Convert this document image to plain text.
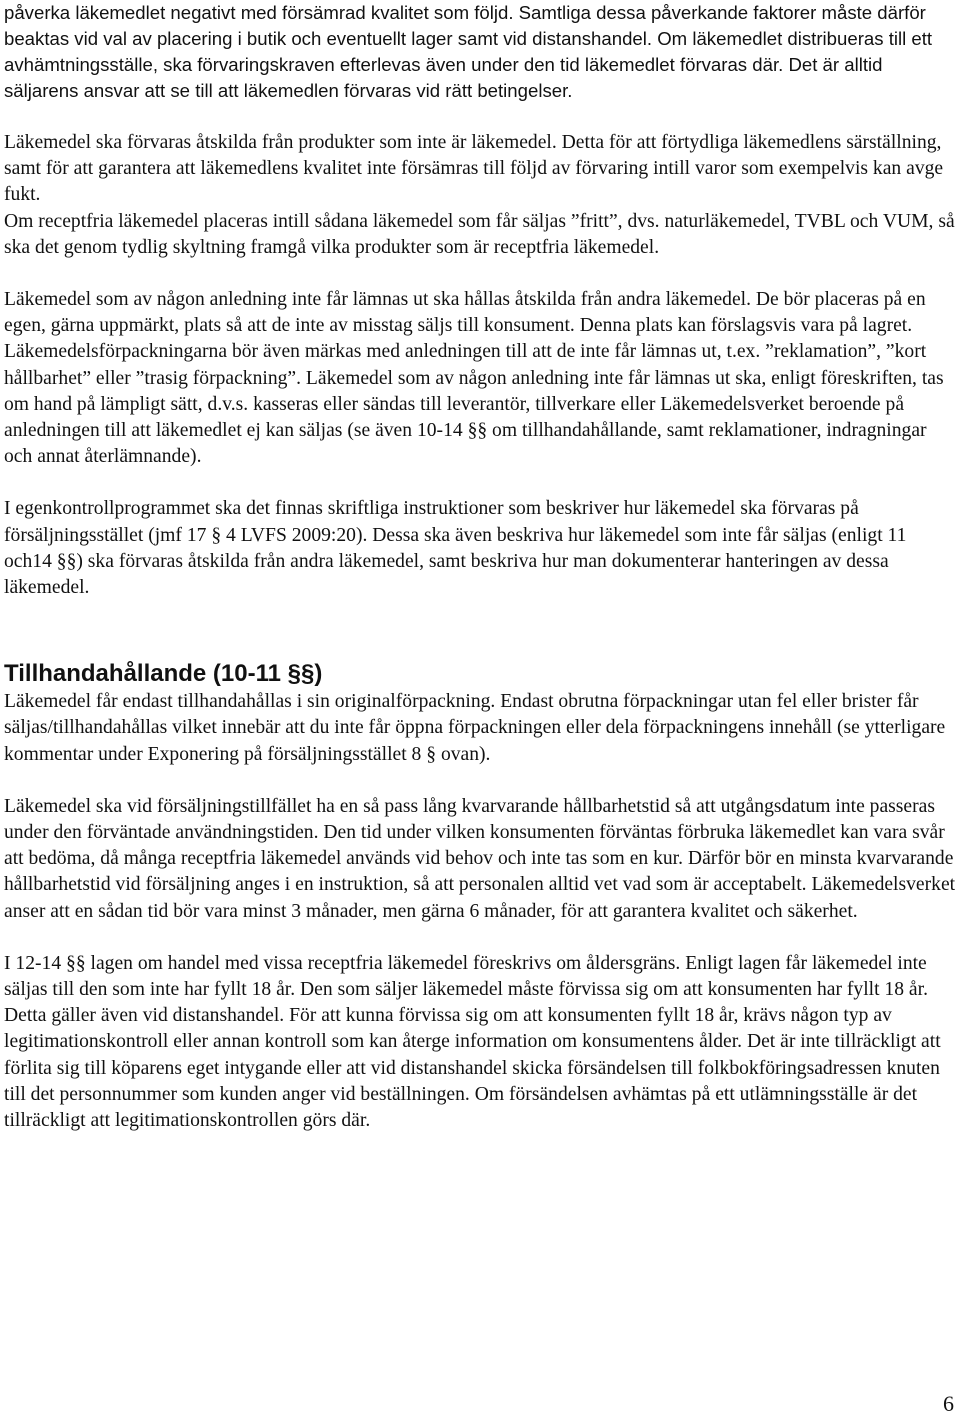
påverka läkemedlet negativt med försämrad kvalitet som följd. Samtliga dessa påverkande faktorer måste därför beaktas vid val av placering i butik och eventuellt lager samt vid distanshandel. Om läkemedlet distribueras till ett avhämtningsställe, ska förvaringskraven efterlevas även under den tid läkemedlet förvaras där. Det är alltid säljarens ansvar att se till att läkemedlen förvaras vid rätt betingelser.

Läkemedel ska förvaras åtskilda från produkter som inte är läkemedel. Detta för att förtydliga läkemedlens särställning, samt för att garantera att läkemedlens kvalitet inte försämras till följd av förvaring intill varor som exempelvis kan avge fukt.

Om receptfria läkemedel placeras intill sådana läkemedel som får säljas ”fritt”, dvs. naturläkemedel, TVBL och VUM, så ska det genom tydlig skyltning framgå vilka produkter som är receptfria läkemedel.

Läkemedel som av någon anledning inte får lämnas ut ska hållas åtskilda från andra läkemedel. De bör placeras på en egen, gärna uppmärkt, plats så att de inte av misstag säljs till konsument. Denna plats kan förslagsvis vara på lagret. Läkemedelsförpackningarna bör även märkas med anledningen till att de inte får lämnas ut, t.ex. ”reklamation”, ”kort hållbarhet” eller ”trasig förpackning”. Läkemedel som av någon anledning inte får lämnas ut ska, enligt föreskriften, tas om hand på lämpligt sätt, d.v.s. kasseras eller sändas till leverantör, tillverkare eller Läkemedelsverket beroende på anledningen till att läkemedlet ej kan säljas (se även 10-14 §§ om tillhandahållande, samt reklamationer, indragningar och annat återlämnande).

I egenkontrollprogrammet ska det finnas skriftliga instruktioner som beskriver hur läkemedel ska förvaras på försäljningsstället (jmf 17 § 4 LVFS 2009:20). Dessa ska även beskriva hur läkemedel som inte får säljas (enligt 11 och14 §§) ska förvaras åtskilda från andra läkemedel, samt beskriva hur man dokumenterar hanteringen av dessa läkemedel.

Tillhandahållande (10-11 §§)

Läkemedel får endast tillhandahållas i sin originalförpackning. Endast obrutna förpackningar utan fel eller brister får säljas/tillhandahållas vilket innebär att du inte får öppna förpackningen eller dela förpackningens innehåll (se ytterligare kommentar under Exponering på försäljningsstället 8 § ovan).

Läkemedel ska vid försäljningstillfället ha en så pass lång kvarvarande hållbarhetstid så att utgångsdatum inte passeras under den förväntade användningstiden. Den tid under vilken konsumenten förväntas förbruka läkemedlet kan vara svår att bedöma, då många receptfria läkemedel används vid behov och inte tas som en kur. Därför bör en minsta kvarvarande hållbarhetstid vid försäljning anges i en instruktion, så att personalen alltid vet vad som är acceptabelt. Läkemedelsverket anser att en sådan tid bör vara minst 3 månader, men gärna 6 månader, för att garantera kvalitet och säkerhet.

I 12-14 §§ lagen om handel med vissa receptfria läkemedel föreskrivs om åldersgräns. Enligt lagen får läkemedel inte säljas till den som inte har fyllt 18 år. Den som säljer läkemedel måste förvissa sig om att konsumenten har fyllt 18 år.

Detta gäller även vid distanshandel. För att kunna förvissa sig om att konsumenten fyllt 18 år, krävs någon typ av legitimationskontroll eller annan kontroll som kan återge information om konsumentens ålder. Det är inte tillräckligt att förlita sig till köparens eget intygande eller att vid distanshandel skicka försändelsen till folkbokföringsadressen knuten till det personnummer som kunden anger vid beställningen. Om försändelsen avhämtas på ett utlämningsställe är det tillräckligt att legitimationskontrollen görs där.

6
